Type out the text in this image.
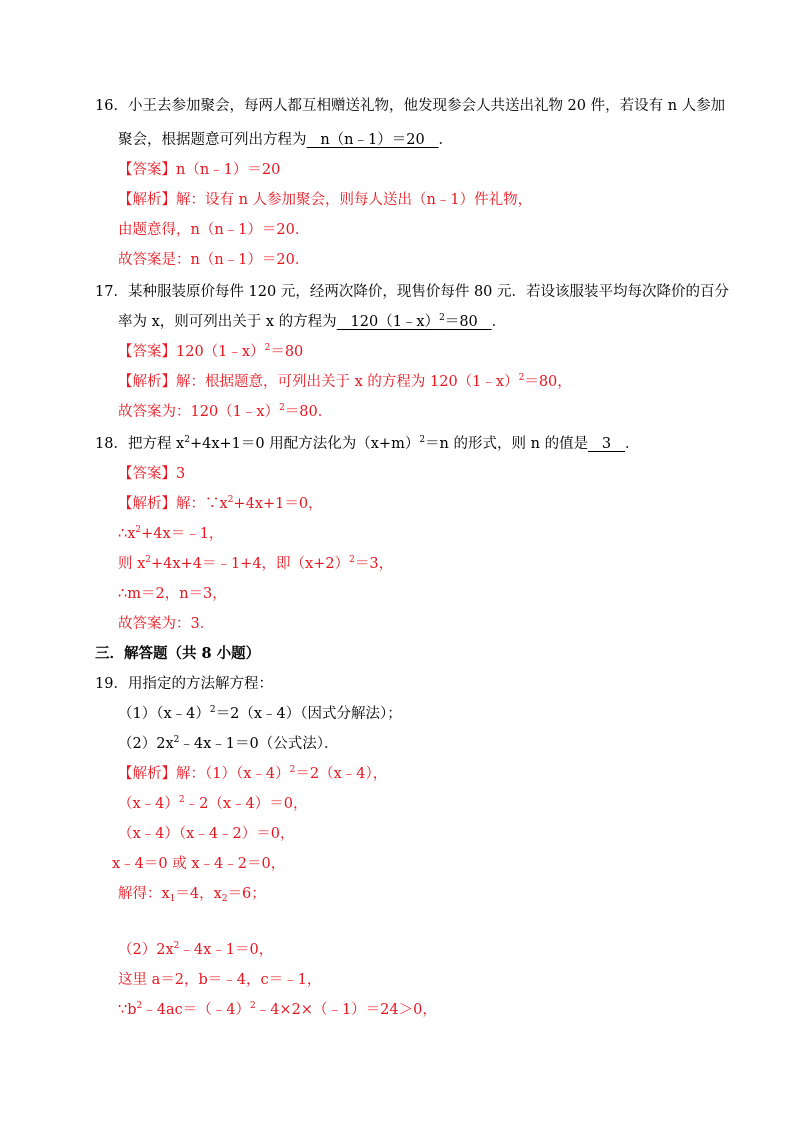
16．小王去参加聚会，每两人都互相赠送礼物，他发现参会人共送出礼物 20 件，若设有 n 人参加
聚会，根据题意可列出方程为   n（n﹣1）＝20   ．
【答案】n（n﹣1）＝20
【解析】解：设有 n 人参加聚会，则每人送出（n﹣1）件礼物，
由题意得，n（n﹣1）＝20．
故答案是：n（n﹣1）＝20．
17．某种服装原价每件 120 元，经两次降价，现售价每件 80 元．若设该服装平均每次降价的百分
率为 x，则可列出关于 x 的方程为   120（1﹣x）$^2$＝80   ．
【答案】120（1﹣x）$^2$＝80
【解析】解：根据题意，可列出关于 x 的方程为 120（1﹣x）$^2$＝80，
故答案为：120（1﹣x）$^2$＝80．
18．把方程 $x^2+4x+1=0$ 用配方法化为$(x+m)^2=n$ 的形式，则 n 的值是   3   ．
【答案】3
【解析】解：$\because x^2+4x+1=0$，
$\therefore x^2+4x=﹣1$，
则 $x^2+4x+4=﹣1+4$，即$(x+2)^2=3$，
∴m＝2，n＝3，
故答案为：3．
三．解答题（共 8 小题）
19．用指定的方法解方程：
（1）（x﹣4）$^2$＝2（x﹣4）（因式分解法）；
$(2)2x^2﹣4x﹣1=0$（公式法）．
【解析】解：（1）（x﹣4）$^2$＝2（x﹣4），
（x﹣4）$^2$﹣2（x﹣4）＝0，
（x﹣4）（x﹣4﹣2）＝0，
x﹣4＝0 或 x﹣4﹣2＝0，
解得：$x_1=4$，$x_2=6$；
$(2)2x^2﹣4x﹣1=0$，
这里 a＝2，b＝﹣4，c＝﹣1，
$\because b^2﹣4ac=(﹣4)^2﹣4\times 2\times(﹣1)=24>0$，
